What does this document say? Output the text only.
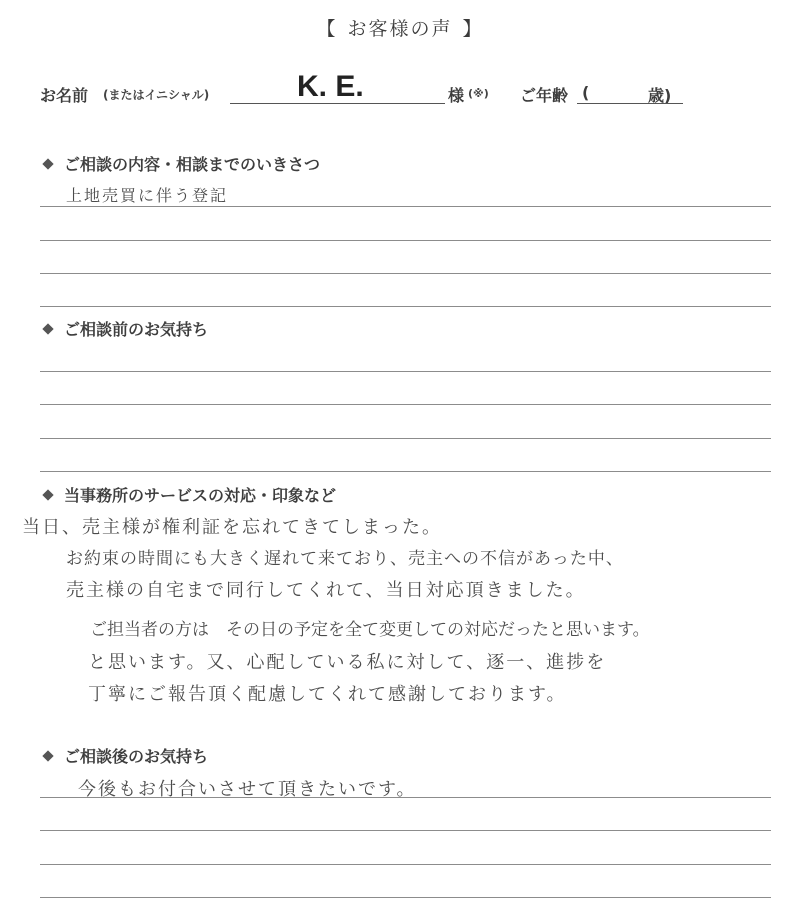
【 お客様の声 】
お名前 (またはイニシャル)	K. E.	様 (※) ご年齢 (	歳)
ご相談の内容・相談までのいきさつ
上地売買に伴う登記
ご相談前のお気持ち
当事務所のサービスの対応・印象など
当日、売主様が権利証を忘れてきてしまった。
お約束の時間にも大きく遅れて来ており、売主への不信があった中、
売主様の自宅まで同行してくれて、当日対応頂きました。
ご担当者の方は　その日の予定を全て変更しての対応だったと思います。
と思います。又、心配している私に対して、逐一、進捗を
丁寧にご報告頂く配慮してくれて感謝しております。
ご相談後のお気持ち
今後もお付合いさせて頂きたいです。
